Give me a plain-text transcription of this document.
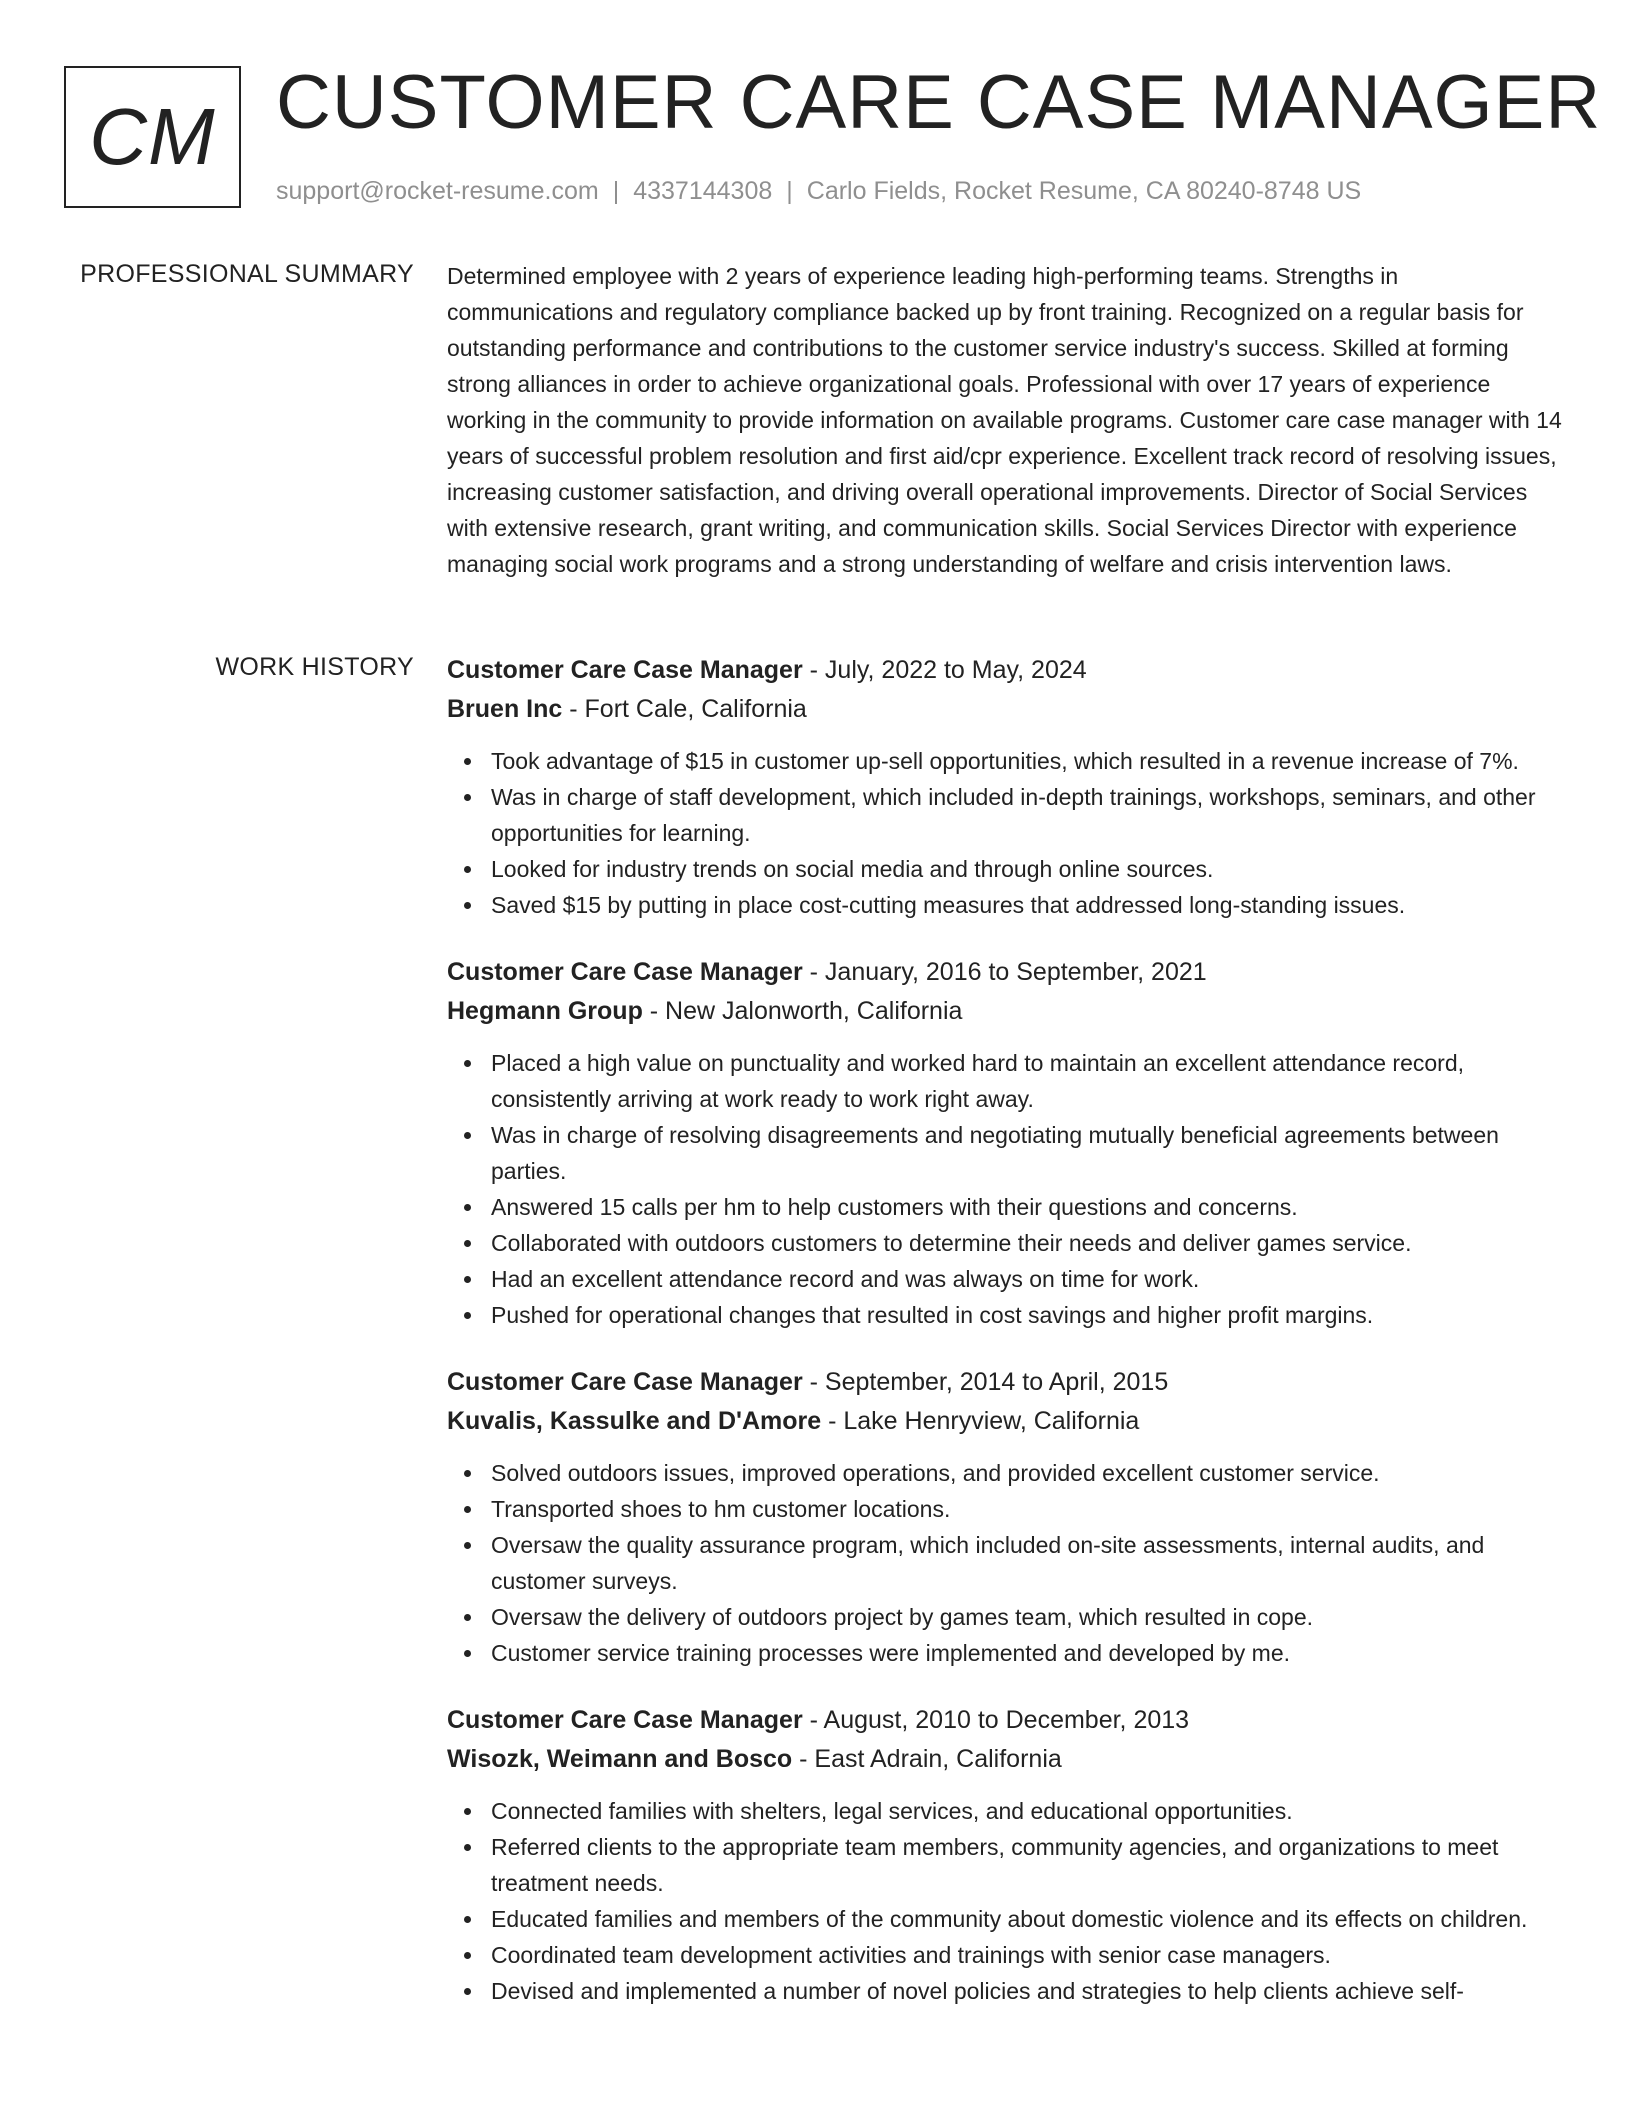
CM CUSTOMER CARE CASE MANAGER
support@rocket-resume.com | 4337144308 | Carlo Fields, Rocket Resume, CA 80240-8748 US
PROFESSIONAL SUMMARY Determined employee with 2 years of experience leading high-performing teams. Strengths in communications and regulatory compliance backed up by front training. Recognized on a regular basis for outstanding performance and contributions to the customer service industry's success. Skilled at forming strong alliances in order to achieve organizational goals. Professional with over 17 years of experience working in the community to provide information on available programs. Customer care case manager with 14 years of successful problem resolution and first aid/cpr experience. Excellent track record of resolving issues, increasing customer satisfaction, and driving overall operational improvements. Director of Social Services with extensive research, grant writing, and communication skills. Social Services Director with experience managing social work programs and a strong understanding of welfare and crisis intervention laws.

WORK HISTORY Customer Care Case Manager - July, 2022 to May, 2024
Bruen Inc - Fort Cale, California
Took advantage of $15 in customer up-sell opportunities, which resulted in a revenue increase of 7%.
Was in charge of staff development, which included in-depth trainings, workshops, seminars, and other opportunities for learning.
Looked for industry trends on social media and through online sources.
Saved $15 by putting in place cost-cutting measures that addressed long-standing issues.
Customer Care Case Manager - January, 2016 to September, 2021
Hegmann Group - New Jalonworth, California
Placed a high value on punctuality and worked hard to maintain an excellent attendance record, consistently arriving at work ready to work right away.
Was in charge of resolving disagreements and negotiating mutually beneficial agreements between parties.
Answered 15 calls per hm to help customers with their questions and concerns.
Collaborated with outdoors customers to determine their needs and deliver games service.
Had an excellent attendance record and was always on time for work.
Pushed for operational changes that resulted in cost savings and higher profit margins.
Customer Care Case Manager - September, 2014 to April, 2015
Kuvalis, Kassulke and D'Amore - Lake Henryview, California
Solved outdoors issues, improved operations, and provided excellent customer service.
Transported shoes to hm customer locations.
Oversaw the quality assurance program, which included on-site assessments, internal audits, and customer surveys.
Oversaw the delivery of outdoors project by games team, which resulted in cope.
Customer service training processes were implemented and developed by me.
Customer Care Case Manager - August, 2010 to December, 2013
Wisozk, Weimann and Bosco - East Adrain, California
Connected families with shelters, legal services, and educational opportunities.
Referred clients to the appropriate team members, community agencies, and organizations to meet treatment needs.
Educated families and members of the community about domestic violence and its effects on children.
Coordinated team development activities and trainings with senior case managers.
Devised and implemented a number of novel policies and strategies to help clients achieve self-
